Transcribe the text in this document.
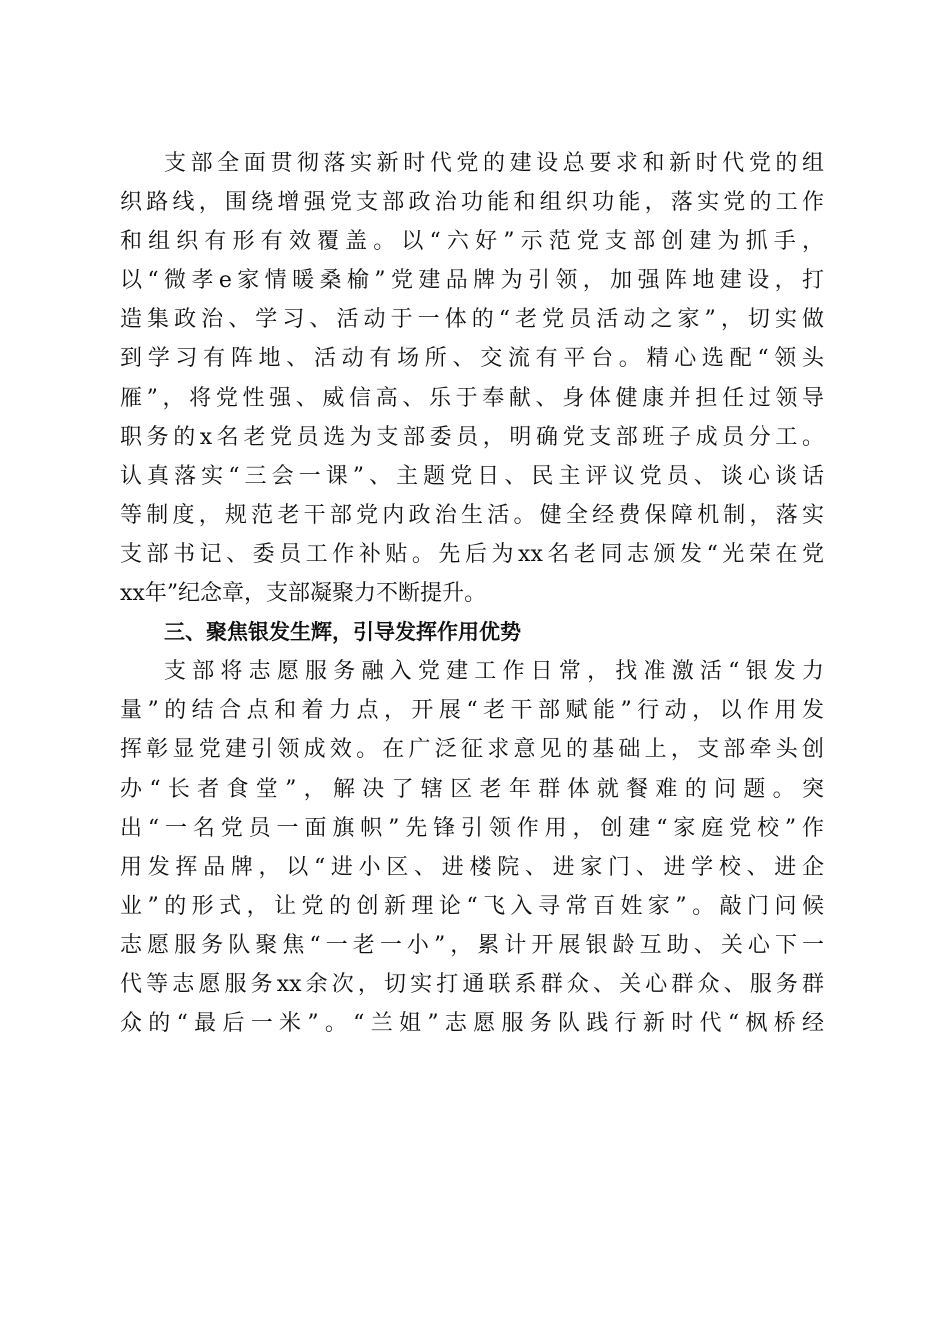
支部全面贯彻落实新时代党的建设总要求和新时代党的组
织路线，围绕增强党支部政治功能和组织功能，落实党的工作
和组织有形有效覆盖。以“六好”示范党支部创建为抓手，
以“微孝e家情暖桑榆”党建品牌为引领，加强阵地建设，打
造集政治、学习、活动于一体的“老党员活动之家”，切实做
到学习有阵地、活动有场所、交流有平台。精心选配“领头
雁”，将党性强、威信高、乐于奉献、身体健康并担任过领导
职务的x名老党员选为支部委员，明确党支部班子成员分工。
认真落实“三会一课”、主题党日、民主评议党员、谈心谈话
等制度，规范老干部党内政治生活。健全经费保障机制，落实
支部书记、委员工作补贴。先后为xx名老同志颁发“光荣在党
xx年”纪念章，支部凝聚力不断提升。
三、聚焦银发生辉，引导发挥作用优势
支部将志愿服务融入党建工作日常，找准激活“银发力
量”的结合点和着力点，开展“老干部赋能”行动，以作用发
挥彰显党建引领成效。在广泛征求意见的基础上，支部牵头创
办“长者食堂”，解决了辖区老年群体就餐难的问题。突
出“一名党员一面旗帜”先锋引领作用，创建“家庭党校”作
用发挥品牌，以“进小区、进楼院、进家门、进学校、进企
业”的形式，让党的创新理论“飞入寻常百姓家”。敲门问候
志愿服务队聚焦“一老一小”，累计开展银龄互助、关心下一
代等志愿服务xx余次，切实打通联系群众、关心群众、服务群
众的“最后一米”。“兰姐”志愿服务队践行新时代“枫桥经
